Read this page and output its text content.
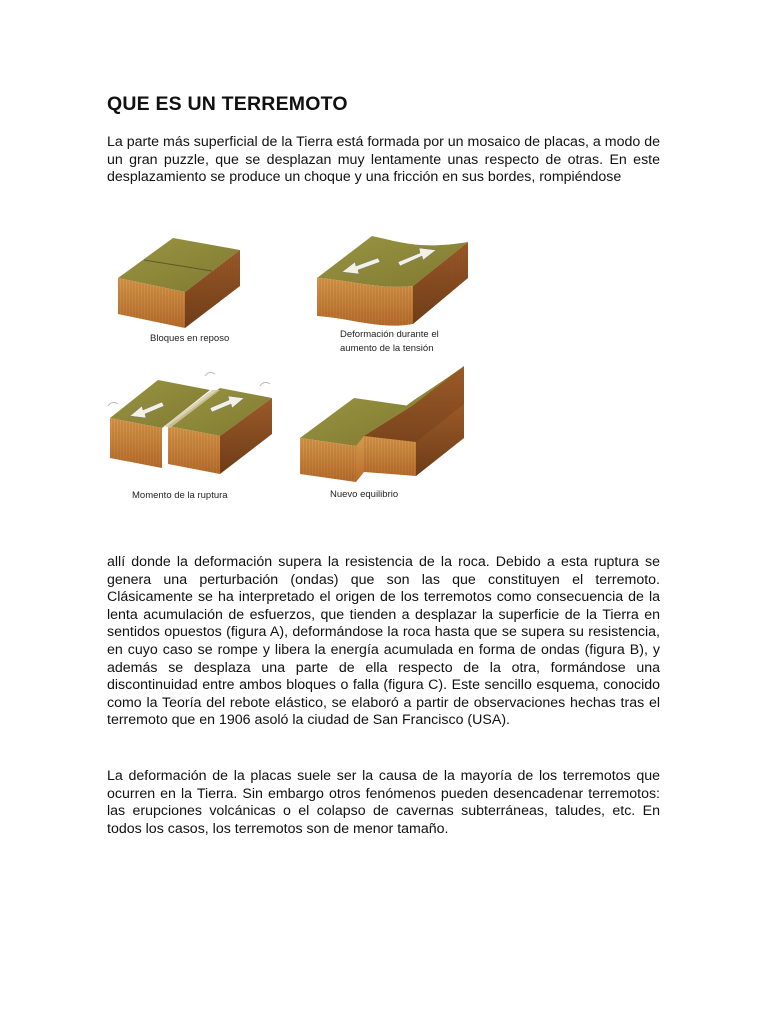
QUE ES UN TERREMOTO

La parte más superficial de la Tierra está formada por un mosaico de placas, a modo de un gran puzzle, que se desplazan muy lentamente unas respecto de otras. En este desplazamiento se produce un choque y una fricción en sus bordes, rompiéndose

Bloques en reposo	Deformación durante el
aumento de la tensión
Momento de la ruptura	Nuevo equilibrio

allí donde la deformación supera la resistencia de la roca. Debido a esta ruptura se genera una perturbación (ondas) que son las que constituyen el terremoto. Clásicamente se ha interpretado el origen de los terremotos como consecuencia de la lenta acumulación de esfuerzos, que tienden a desplazar la superficie de la Tierra en sentidos opuestos (figura A), deformándose la roca hasta que se supera su resistencia, en cuyo caso se rompe y libera la energía acumulada en forma de ondas (figura B), y además se desplaza una parte de ella respecto de la otra, formándose una discontinuidad entre ambos bloques o falla (figura C). Este sencillo esquema, conocido como la Teoría del rebote elástico, se elaboró a partir de observaciones hechas tras el terremoto que en 1906 asoló la ciudad de San Francisco (USA).

La deformación de la placas suele ser la causa de la mayoría de los terremotos que ocurren en la Tierra. Sin embargo otros fenómenos pueden desencadenar terremotos: las erupciones volcánicas o el colapso de cavernas subterráneas, taludes, etc. En todos los casos, los terremotos son de menor tamaño.
